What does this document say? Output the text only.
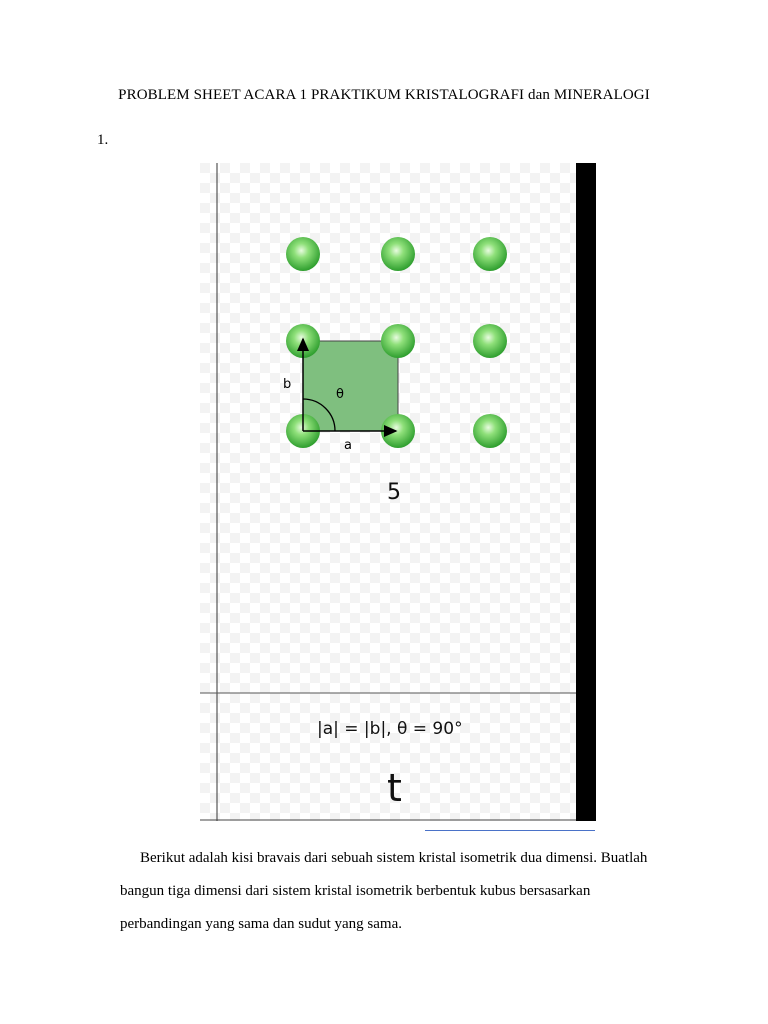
PROBLEM SHEET ACARA 1 PRAKTIKUM KRISTALOGRAFI dan MINERALOGI
1.
b
θ
a
5
|a| = |b|, θ = 90°
t
Berikut adalah kisi bravais dari sebuah sistem kristal isometrik dua dimensi. Buatlah
bangun tiga dimensi dari sistem kristal isometrik berbentuk kubus bersasarkan
perbandingan yang sama dan sudut yang sama.
